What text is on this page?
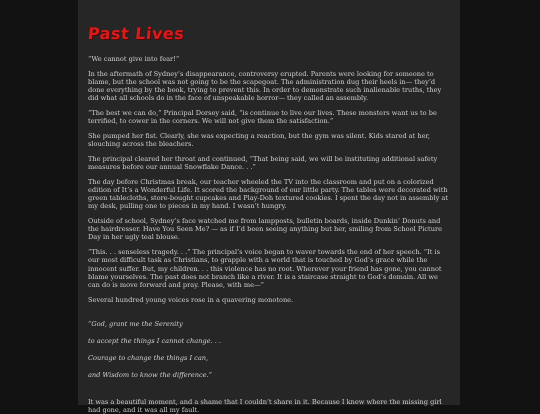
Past Lives

“We cannot give into fear!”

In the aftermath of Sydney’s disappearance, controversy erupted. Parents were looking for someone to blame, but the school was not going to be the scapegoat. The administration dug their heels in— they’d done everything by the book, trying to prevent this. In order to demonstrate such inalienable truths, they did what all schools do in the face of unspeakable horror— they called an assembly.

“The best we can do,” Principal Dorsey said, “is continue to live our lives. These monsters want us to be terrified, to cower in the corners. We will not give them the satisfaction.”

She pumped her fist. Clearly, she was expecting a reaction, but the gym was silent. Kids stared at her, slouching across the bleachers.

The principal cleared her throat and continued, “That being said, we will be instituting additional safety measures before our annual Snowflake Dance. . .”

The day before Christmas break, our teacher wheeled the TV into the classroom and put on a colorized edition of It’s a Wonderful Life. It scored the background of our little party. The tables were decorated with green tablecloths, store-bought cupcakes and Play-Doh textured cookies. I spent the day not in assembly at my desk, pulling one to pieces in my hand. I wasn’t hungry.

Outside of school, Sydney’s face watched me from lampposts, bulletin boards, inside Dunkin’ Donuts and the hairdresser. Have You Seen Me? — as if I’d been seeing anything but her, smiling from School Picture Day in her ugly teal blouse.

“This. . . senseless tragedy. . .” The principal’s voice began to waver towards the end of her speech. “It is our most difficult task as Christians, to grapple with a world that is touched by God’s grace while the innocent suffer. But, my children. . . this violence has no root. Wherever your friend has gone, you cannot blame yourselves. The past does not branch like a river. It is a staircase straight to God’s domain. All we can do is move forward and pray. Please, with me—”

Several hundred young voices rose in a quavering monotone.

“God, grant me the Serenity

to accept the things I cannot change. . .

Courage to change the things I can,

and Wisdom to know the difference.”

It was a beautiful moment, and a shame that I couldn’t share in it. Because I knew where the missing girl had gone, and it was all my fault.
